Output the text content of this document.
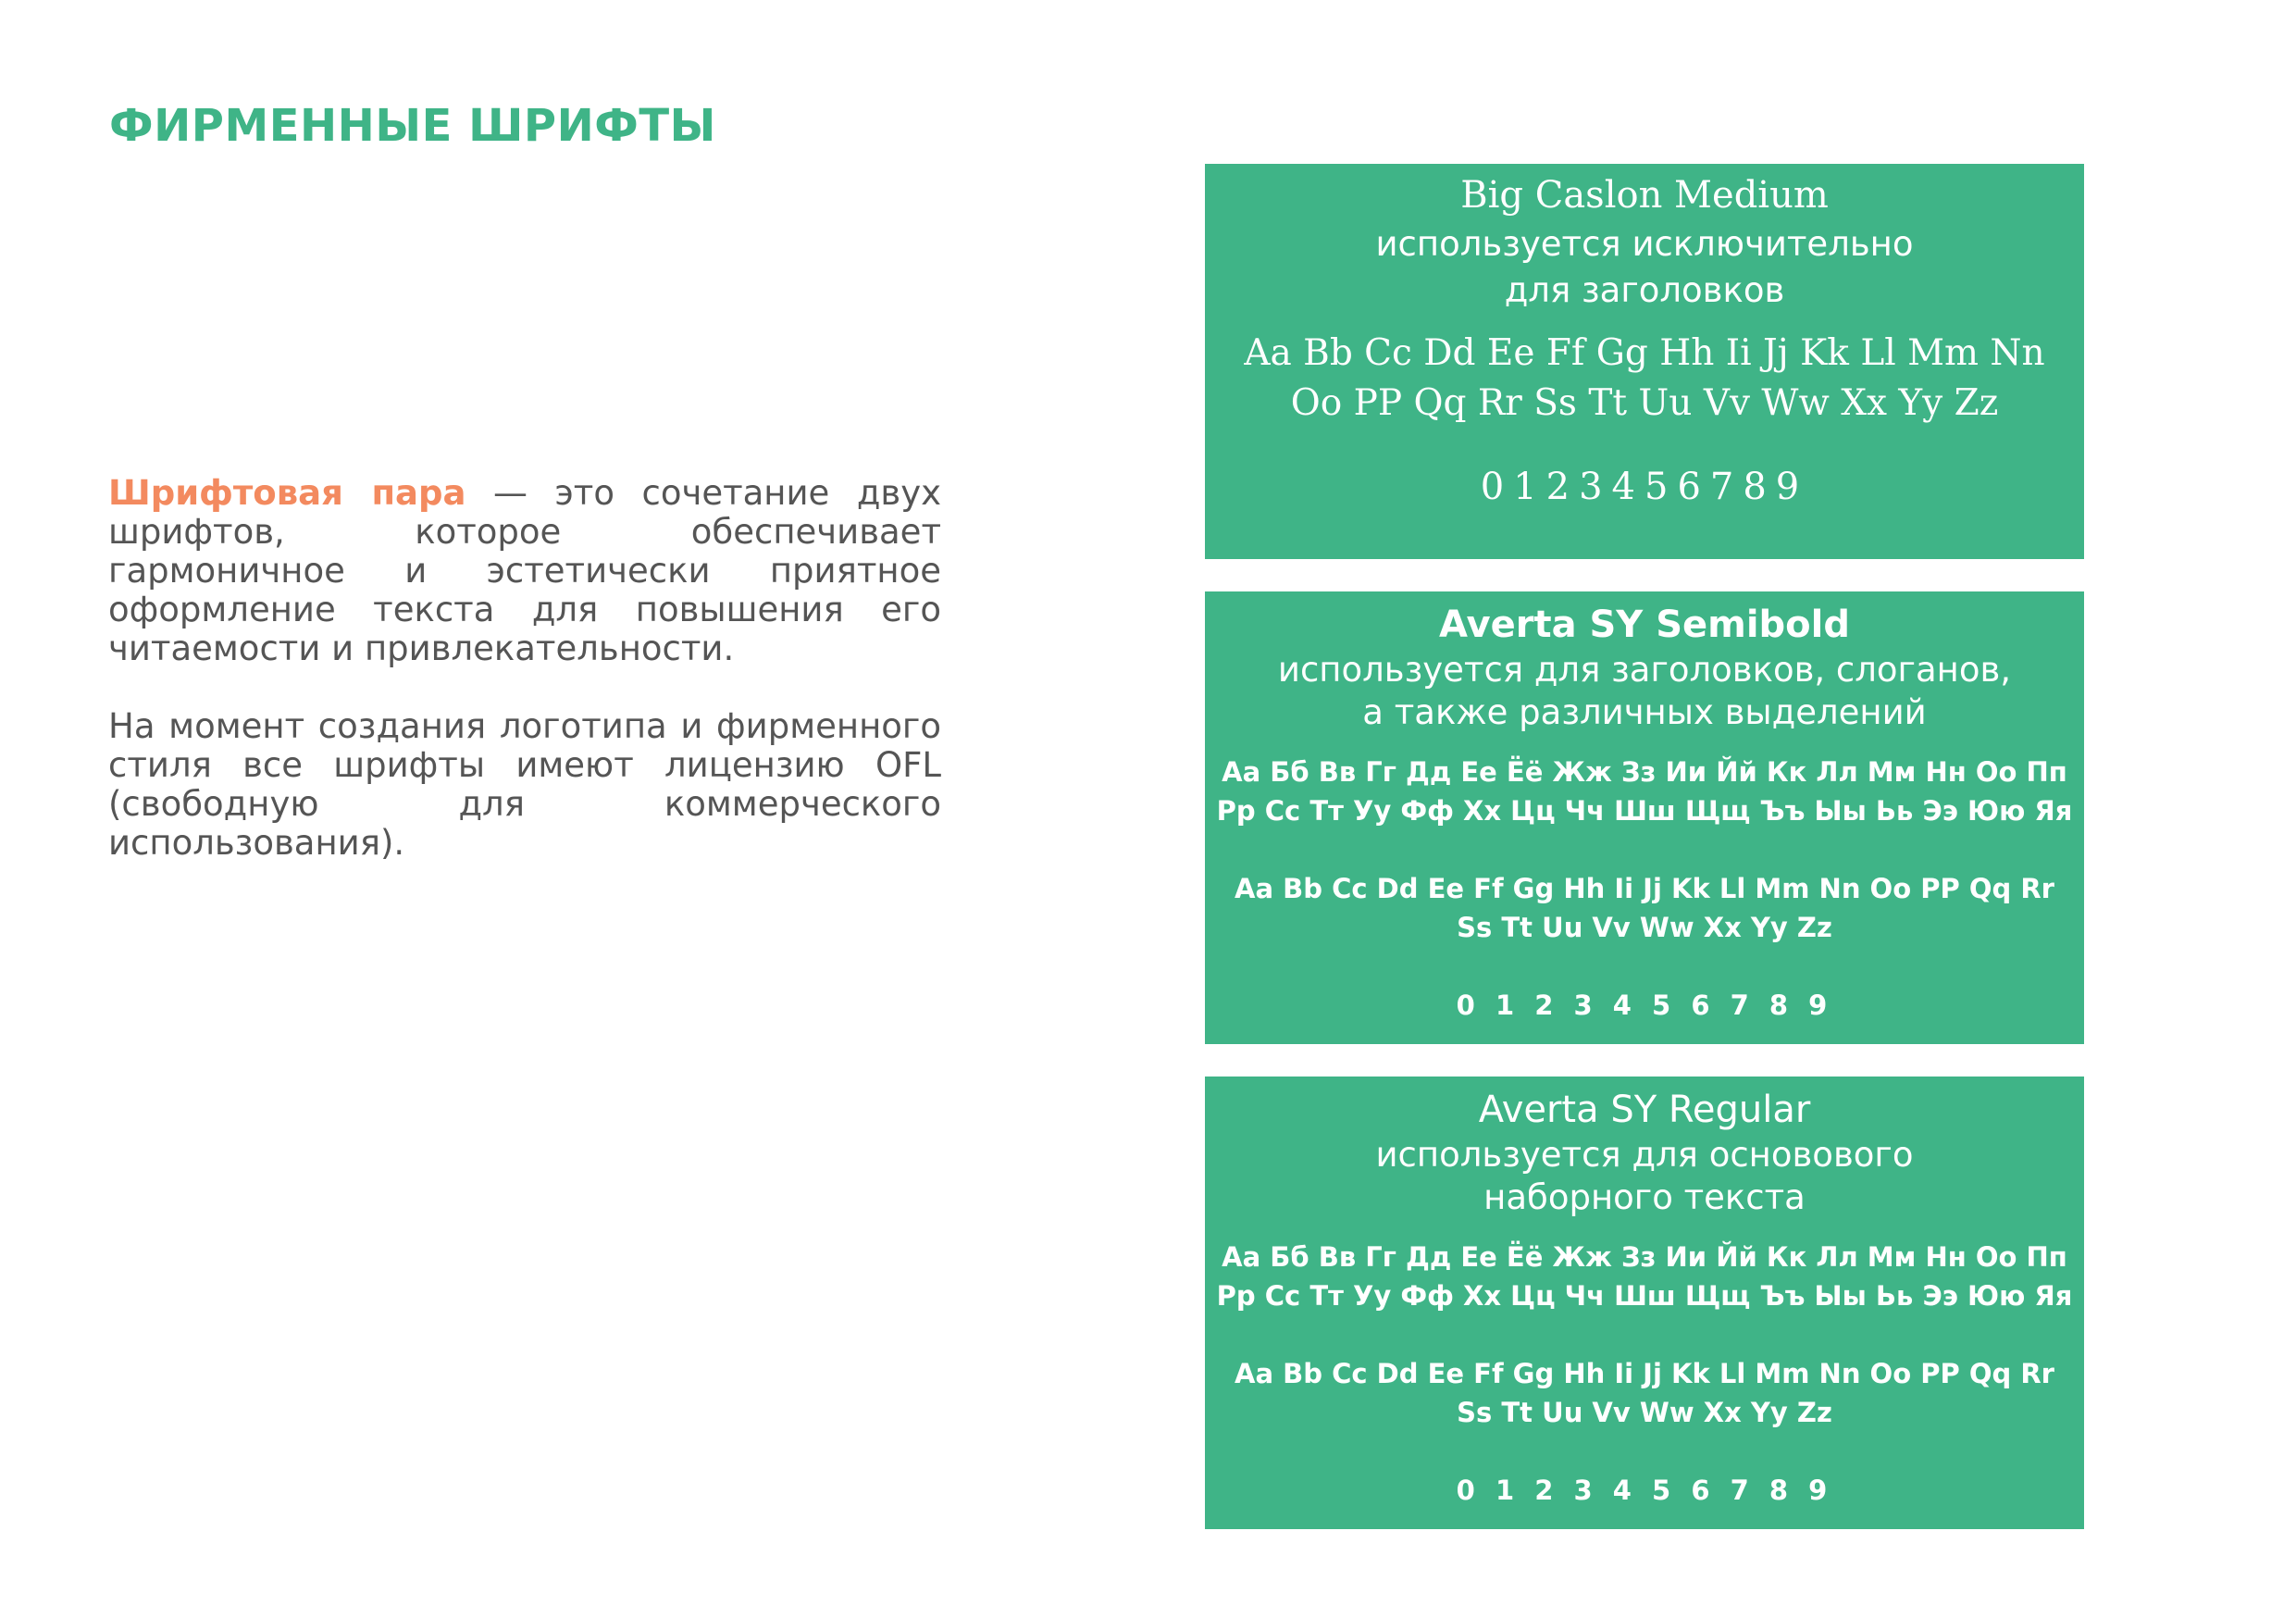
ФИРМЕННЫЕ ШРИФТЫ

Шрифтовая пара — это сочетание двух шрифтов, которое обеспечивает гармоничное и эстетически приятное оформление текста для повышения его читаемости и привлекательности.

На момент создания логотипа и фирменного стиля все шрифты имеют лицензию OFL (свободную для коммерческого использования).

Big Caslon Medium

используется исключительно

для заголовков

Aa Bb Cc Dd Ee Ff Gg Hh Ii Jj Kk Ll Mm Nn

Oo PP Qq Rr Ss Tt Uu Vv Ww Xx Yy Zz

0123456789

Averta SY Semibold

используется для заголовков, слоганов,

а также различных выделений

Аа Бб Вв Гг Дд Ее Ёё Жж Зз Ии Йй Кк Лл Мм Нн Оо Пп

Рр Сс Тт Уу Фф Хх Цц Чч Шш Щщ Ъъ Ыы Ьь Ээ Юю Яя

Aa Bb Cc Dd Ee Ff Gg Hh Ii Jj Kk Ll Mm Nn Oo PP Qq Rr

Ss Tt Uu Vv Ww Xx Yy Zz

0 1 2 3 4 5 6 7 8 9

Averta SY Regular

используется для основового

наборного текста

Аа Бб Вв Гг Дд Ее Ёё Жж Зз Ии Йй Кк Лл Мм Нн Оо Пп

Рр Сс Тт Уу Фф Хх Цц Чч Шш Щщ Ъъ Ыы Ьь Ээ Юю Яя

Aa Bb Cc Dd Ee Ff Gg Hh Ii Jj Kk Ll Mm Nn Oo PP Qq Rr

Ss Tt Uu Vv Ww Xx Yy Zz

0 1 2 3 4 5 6 7 8 9
